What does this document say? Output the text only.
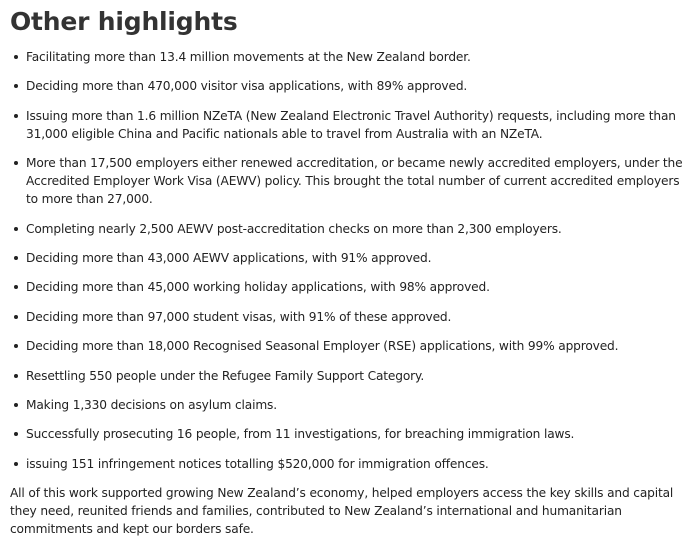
Other highlights
Facilitating more than 13.4 million movements at the New Zealand border.
Deciding more than 470,000 visitor visa applications, with 89% approved.
Issuing more than 1.6 million NZeTA (New Zealand Electronic Travel Authority) requests, including more than 31,000 eligible China and Pacific nationals able to travel from Australia with an NZeTA.
More than 17,500 employers either renewed accreditation, or became newly accredited employers, under the Accredited Employer Work Visa (AEWV) policy. This brought the total number of current accredited employers to more than 27,000.
Completing nearly 2,500 AEWV post-accreditation checks on more than 2,300 employers.
Deciding more than 43,000 AEWV applications, with 91% approved.
Deciding more than 45,000 working holiday applications, with 98% approved.
Deciding more than 97,000 student visas, with 91% of these approved.
Deciding more than 18,000 Recognised Seasonal Employer (RSE) applications, with 99% approved.
Resettling 550 people under the Refugee Family Support Category.
Making 1,330 decisions on asylum claims.
Successfully prosecuting 16 people, from 11 investigations, for breaching immigration laws.
issuing 151 infringement notices totalling $520,000 for immigration offences.

All of this work supported growing New Zealand’s economy, helped employers access the key skills and capital they need, reunited friends and families, contributed to New Zealand’s international and humanitarian commitments and kept our borders safe.
